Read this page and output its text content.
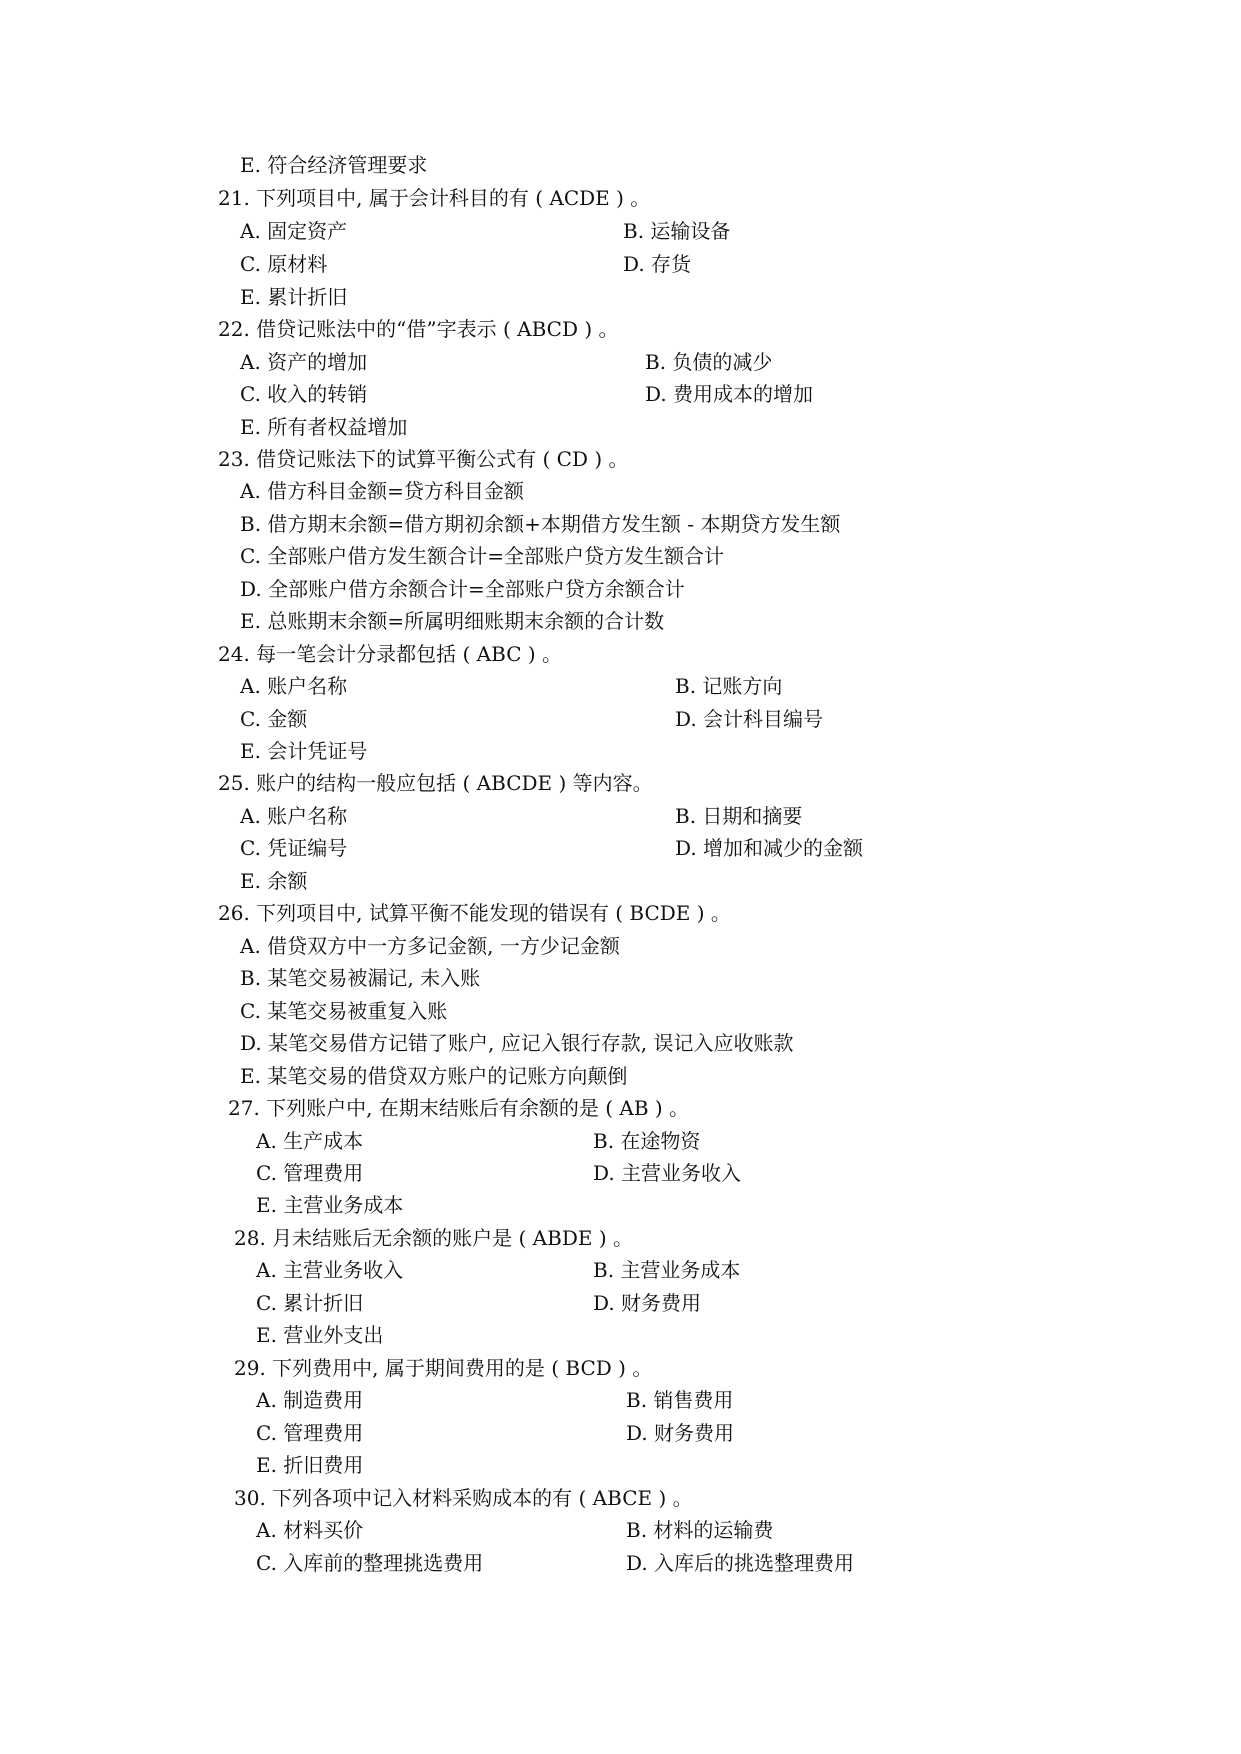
E. 符合经济管理要求
21. 下列项目中, 属于会计科目的有 ( ACDE ) 。
A. 固定资产	B. 运输设备
C. 原材料	D. 存货
E. 累计折旧
22. 借贷记账法中的“借”字表示 ( ABCD ) 。
A. 资产的增加	B. 负债的减少
C. 收入的转销	D. 费用成本的增加
E. 所有者权益增加
23. 借贷记账法下的试算平衡公式有 ( CD ) 。
A. 借方科目金额=贷方科目金额
B. 借方期末余额=借方期初余额+本期借方发生额 - 本期贷方发生额
C. 全部账户借方发生额合计=全部账户贷方发生额合计
D. 全部账户借方余额合计=全部账户贷方余额合计
E. 总账期末余额=所属明细账期末余额的合计数
24. 每一笔会计分录都包括 ( ABC ) 。
A. 账户名称	B. 记账方向
C. 金额	D. 会计科目编号
E. 会计凭证号
25. 账户的结构一般应包括 ( ABCDE ) 等内容。
A. 账户名称	B. 日期和摘要
C. 凭证编号	D. 增加和减少的金额
E. 余额
26. 下列项目中, 试算平衡不能发现的错误有 ( BCDE ) 。
A. 借贷双方中一方多记金额, 一方少记金额
B. 某笔交易被漏记, 未入账
C. 某笔交易被重复入账
D. 某笔交易借方记错了账户, 应记入银行存款, 误记入应收账款
E. 某笔交易的借贷双方账户的记账方向颠倒
27. 下列账户中, 在期末结账后有余额的是 ( AB ) 。
A. 生产成本	B. 在途物资
C. 管理费用	D. 主营业务收入
E. 主营业务成本
28. 月未结账后无余额的账户是 ( ABDE ) 。
A. 主营业务收入	B. 主营业务成本
C. 累计折旧	D. 财务费用
E. 营业外支出
29. 下列费用中, 属于期间费用的是 ( BCD ) 。
A. 制造费用	B. 销售费用
C. 管理费用	D. 财务费用
E. 折旧费用
30. 下列各项中记入材料采购成本的有 ( ABCE ) 。
A. 材料买价	B. 材料的运输费
C. 入库前的整理挑选费用	D. 入库后的挑选整理费用
